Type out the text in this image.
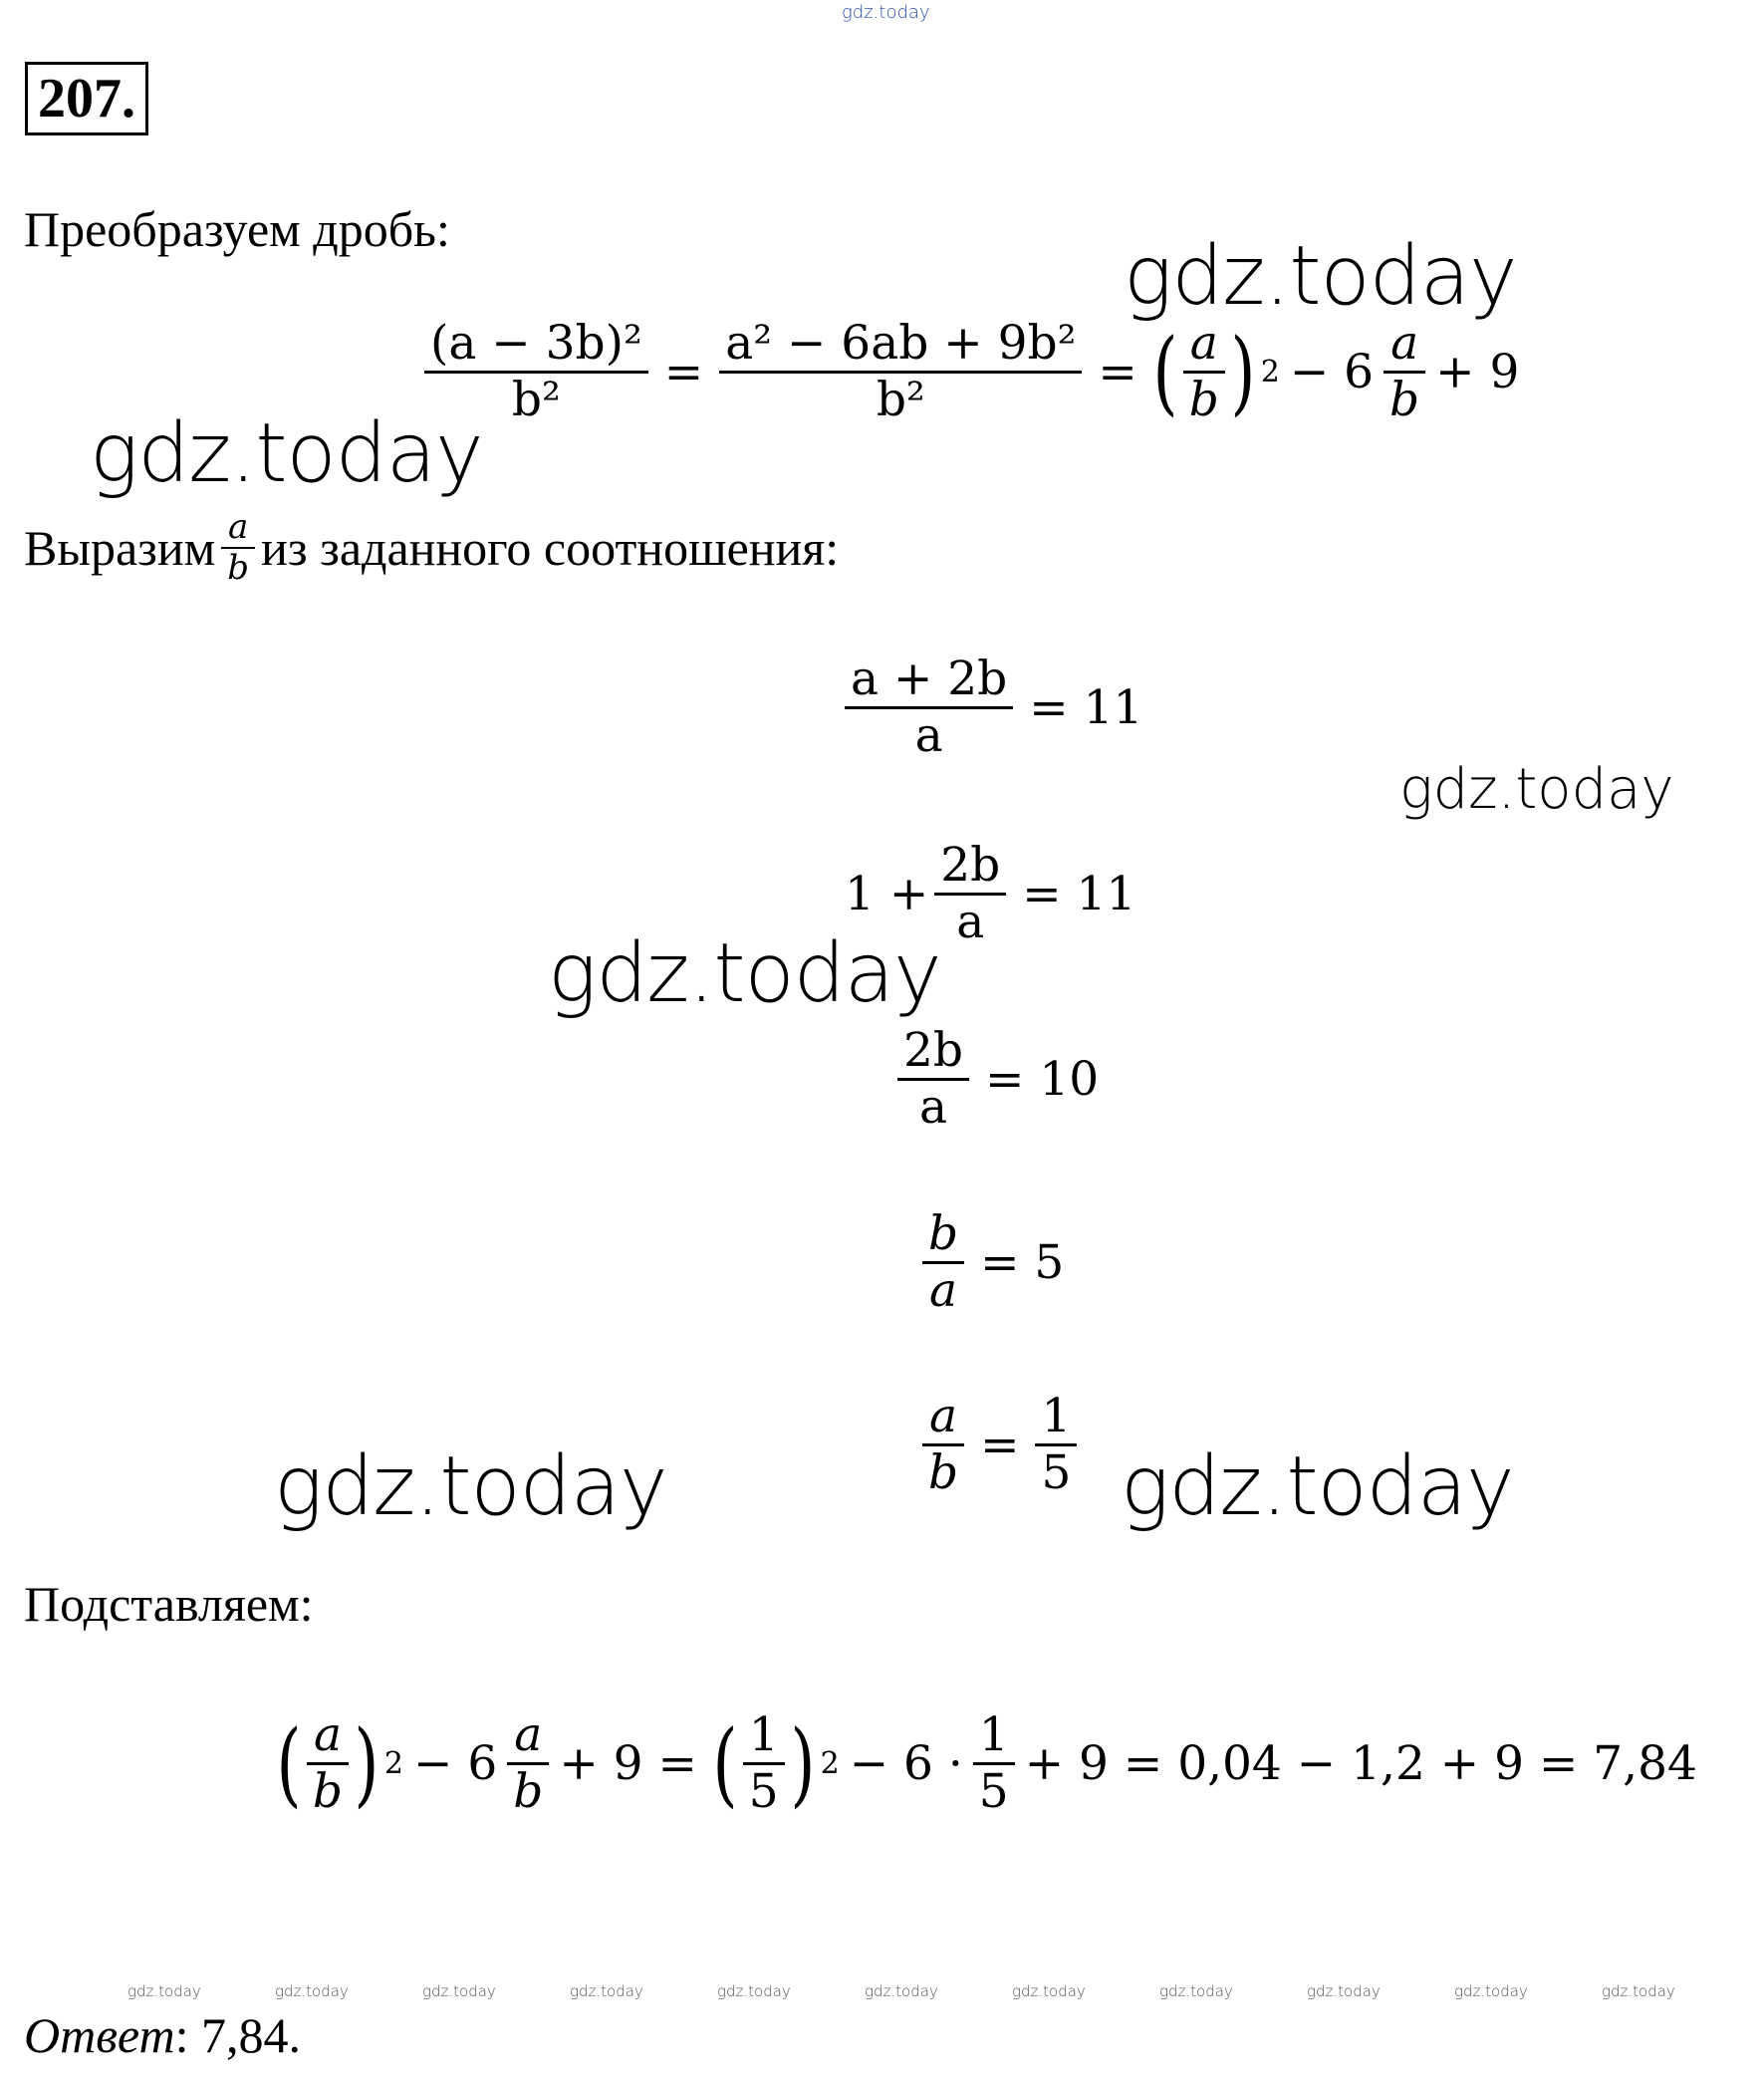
gdz.today
207.
Преобразуем дробь:	gdz.today
$\frac{\text{(a − 3b)²}}{\text{b²}} = \frac{\text{a² − 6ab + 9b²}}{\text{b²}}$ = ( $\frac{a}{b}$ ) $2 - 6 \frac{a}{b} + 9$
gdz.today
Выразим $\frac{a}{b}$ из заданного соотношения:
$\frac{a + 2b}{a} = 11$
gdz.today
$1 + \frac{2b}{a} = 11$
gdz.today
$\frac{2b}{a} = 10$
$\frac{b}{a} = 5$
$\frac{a}{b} = \frac{1}{5}$
gdz.today	gdz.today
Подставляем:
( $\frac{a}{b}$ ) $2 - 6 \frac{a}{b} + 9$ = ( $\frac{1}{5}$ ) $2 - 6 \cdot \frac{1}{5} + 9 = 0,04 - 1,2 + 9 = 7,84$
gdz.today	gdz.today	gdz.today	gdz.today	gdz.today	gdz.today	gdz.today	gdz.today	gdz.today	gdz.today	gdz.today
Ответ: 7,84.
